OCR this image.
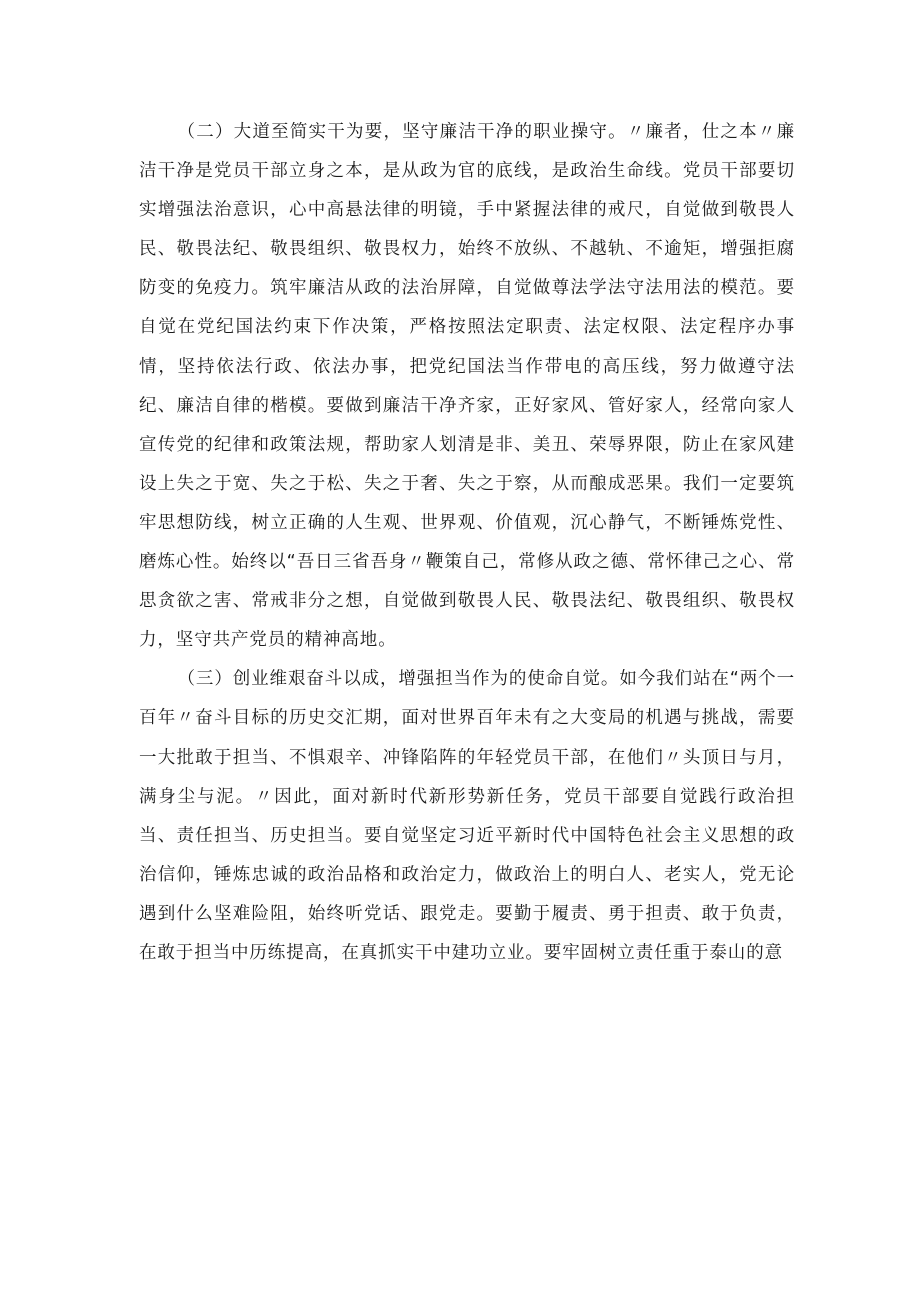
（二）大道至简实干为要，坚守廉洁干净的职业操守。〃廉者，仕之本〃廉洁干净是党员干部立身之本，是从政为官的底线，是政治生命线。党员干部要切实增强法治意识，心中高悬法律的明镜，手中紧握法律的戒尺，自觉做到敬畏人民、敬畏法纪、敬畏组织、敬畏权力，始终不放纵、不越轨、不逾矩，增强拒腐防变的免疫力。筑牢廉洁从政的法治屏障，自觉做尊法学法守法用法的模范。要自觉在党纪国法约束下作决策，严格按照法定职责、法定权限、法定程序办事情，坚持依法行政、依法办事，把党纪国法当作带电的高压线，努力做遵守法纪、廉洁自律的楷模。要做到廉洁干净齐家，正好家风、管好家人，经常向家人宣传党的纪律和政策法规，帮助家人划清是非、美丑、荣辱界限，防止在家风建设上失之于宽、失之于松、失之于奢、失之于察，从而酿成恶果。我们一定要筑牢思想防线，树立正确的人生观、世界观、价值观，沉心静气，不断锤炼党性、磨炼心性。始终以“吾日三省吾身〃鞭策自己，常修从政之德、常怀律己之心、常思贪欲之害、常戒非分之想，自觉做到敬畏人民、敬畏法纪、敬畏组织、敬畏权力，坚守共产党员的精神高地。

（三）创业维艰奋斗以成，增强担当作为的使命自觉。如今我们站在“两个一百年〃奋斗目标的历史交汇期，面对世界百年未有之大变局的机遇与挑战，需要一大批敢于担当、不惧艰辛、冲锋陷阵的年轻党员干部，在他们〃头顶日与月，满身尘与泥。〃因此，面对新时代新形势新任务，党员干部要自觉践行政治担当、责任担当、历史担当。要自觉坚定习近平新时代中国特色社会主义思想的政治信仰，锤炼忠诚的政治品格和政治定力，做政治上的明白人、老实人，党无论遇到什么坚难险阻，始终听党话、跟党走。要勤于履责、勇于担责、敢于负责，在敢于担当中历练提高，在真抓实干中建功立业。要牢固树立责任重于泰山的意
